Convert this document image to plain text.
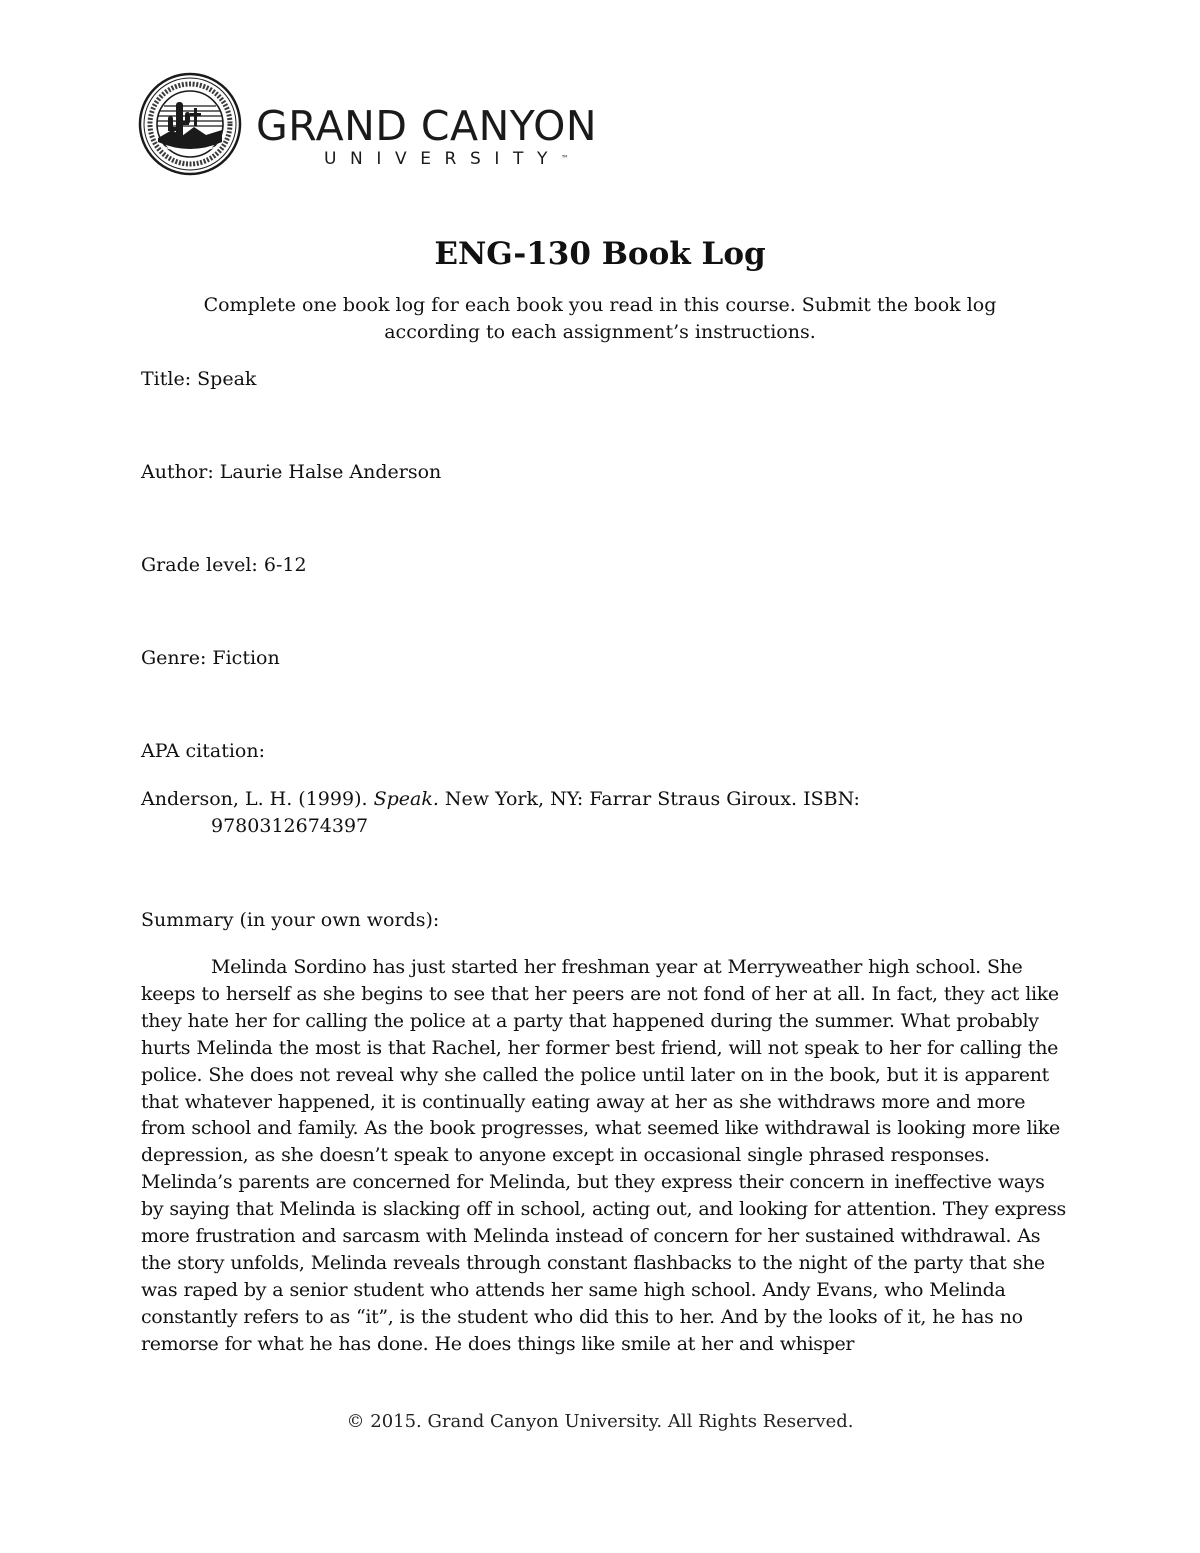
GRAND CANYON
UNIVERSITY™
ENG-130 Book Log

Complete one book log for each book you read in this course. Submit the book log according to each assignment’s instructions.

Title: Speak

Author: Laurie Halse Anderson

Grade level: 6-12

Genre: Fiction

APA citation:

Anderson, L. H. (1999). Speak. New York, NY: Farrar Straus Giroux. ISBN:
9780312674397

Summary (in your own words):

Melinda Sordino has just started her freshman year at Merryweather high school. She keeps to herself as she begins to see that her peers are not fond of her at all. In fact, they act like they hate her for calling the police at a party that happened during the summer. What probably hurts Melinda the most is that Rachel, her former best friend, will not speak to her for calling the police. She does not reveal why she called the police until later on in the book, but it is apparent that whatever happened, it is continually eating away at her as she withdraws more and more from school and family. As the book progresses, what seemed like withdrawal is looking more like depression, as she doesn’t speak to anyone except in occasional single phrased responses. Melinda’s parents are concerned for Melinda, but they express their concern in ineffective ways by saying that Melinda is slacking off in school, acting out, and looking for attention. They express more frustration and sarcasm with Melinda instead of concern for her sustained withdrawal. As the story unfolds, Melinda reveals through constant flashbacks to the night of the party that she was raped by a senior student who attends her same high school. Andy Evans, who Melinda constantly refers to as “it”, is the student who did this to her. And by the looks of it, he has no remorse for what he has done. He does things like smile at her and whisper

© 2015. Grand Canyon University. All Rights Reserved.
